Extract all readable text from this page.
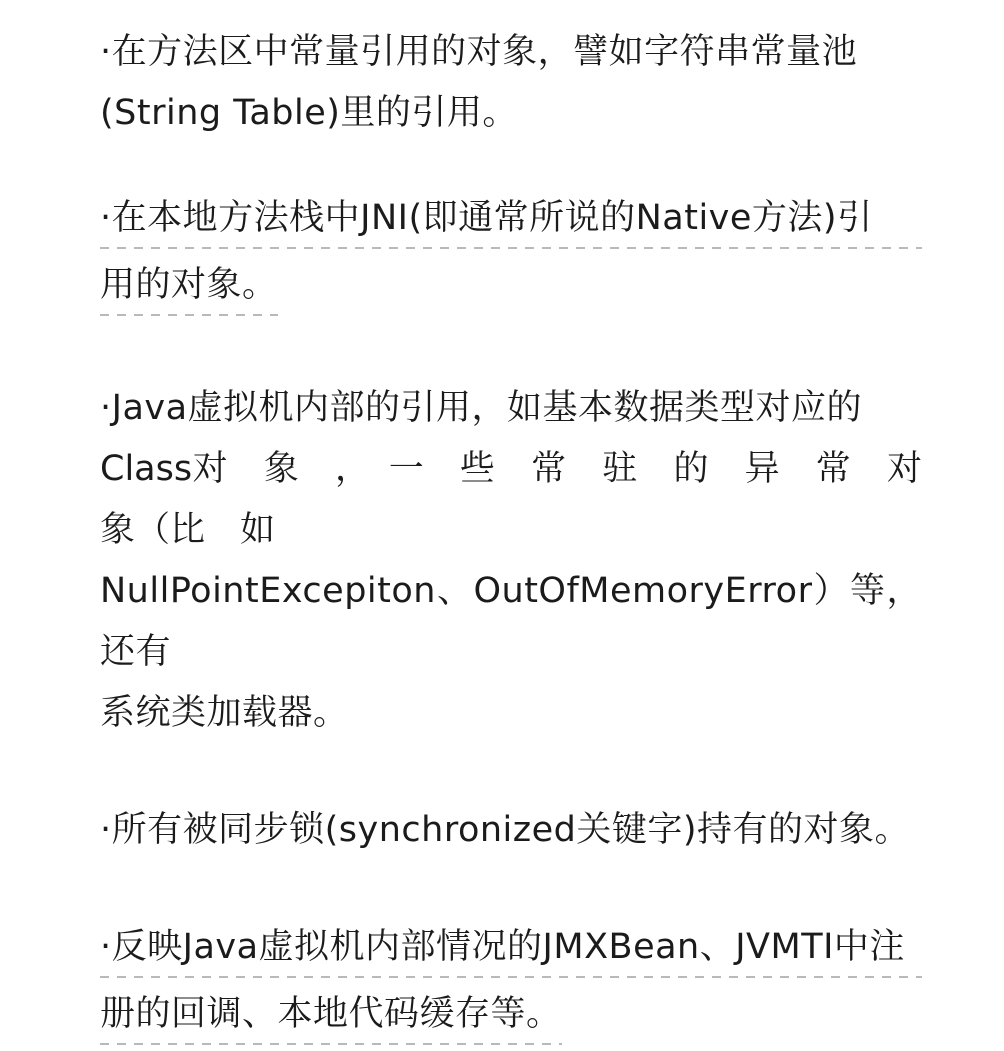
·在方法区中常量引用的对象，譬如字符串常量池
(String Table)里的引用。
·在本地方法栈中JNI(即通常所说的Native方法)引
用的对象。
·Java虚拟机内部的引用，如基本数据类型对应的
Class对　象　，　一　些　常　驻　的　异　常　对　象（比　如
NullPointExcepiton、OutOfMemoryError）等，还有
系统类加载器。
·所有被同步锁(synchronized关键字)持有的对象。
·反映Java虚拟机内部情况的JMXBean、JVMTI中注
册的回调、本地代码缓存等。
